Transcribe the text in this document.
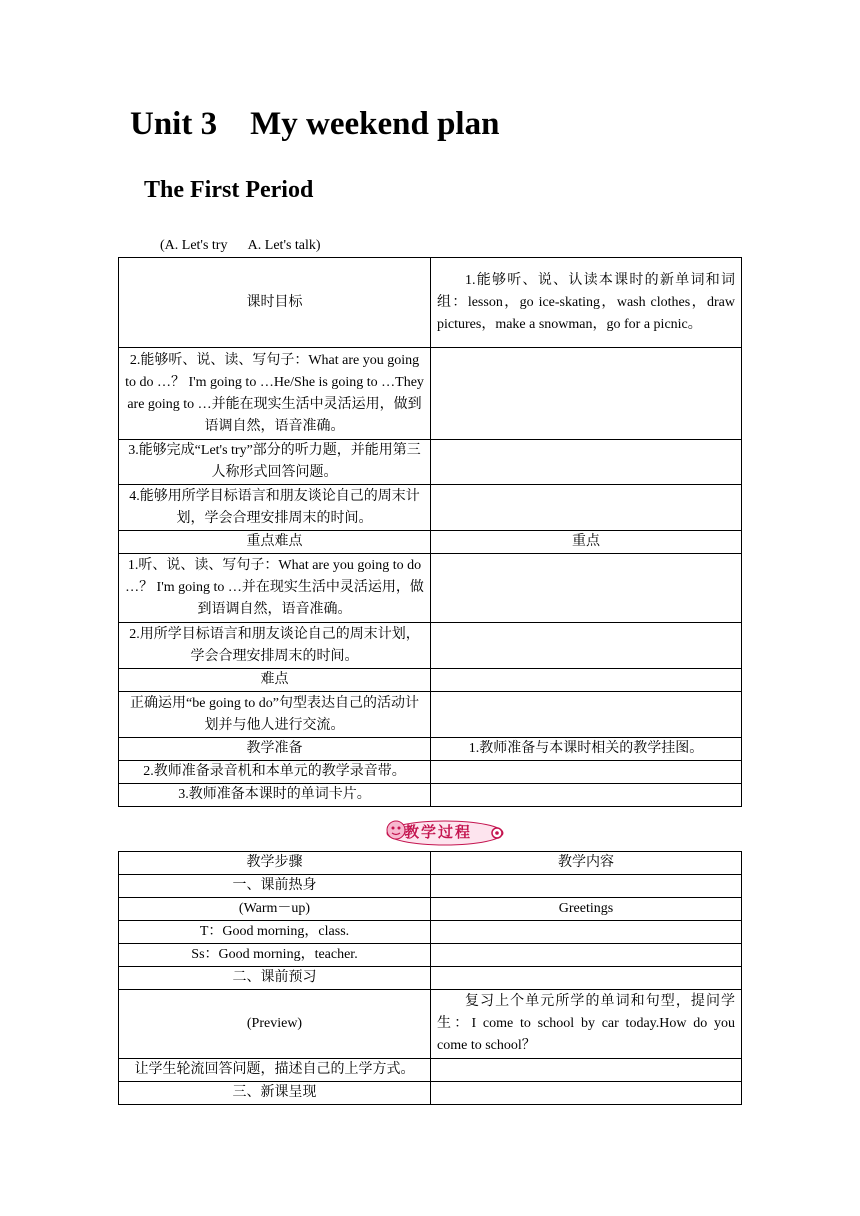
Unit 3    My weekend plan
The First Period
(A. Let's try      A. Let's talk)
课时目标	1.能够听、说、认读本课时的新单词和词组：lesson，go ice-skating，wash clothes，draw pictures，make a snowman，go for a picnic。
2.能够听、说、读、写句子：What are you going to do …？ I'm going to …He/She is going to …They are going to …并能在现实生活中灵活运用，做到语调自然，语音准确。	
3.能够完成“Let's try”部分的听力题，并能用第三人称形式回答问题。	
4.能够用所学目标语言和朋友谈论自己的周末计划，学会合理安排周末的时间。	
重点难点	重点
1.听、说、读、写句子：What are you going to do …？ I'm going to …并在现实生活中灵活运用，做到语调自然，语音准确。	
2.用所学目标语言和朋友谈论自己的周末计划，学会合理安排周末的时间。	
难点	
正确运用“be going to do”句型表达自己的活动计划并与他人进行交流。	
教学准备	1.教师准备与本课时相关的教学挂图。
2.教师准备录音机和本单元的教学录音带。	
3.教师准备本课时的单词卡片。	
教学过程
教学步骤	教学内容
一、课前热身	
(Warm－up)	Greetings
T：Good morning，class.	
Ss：Good morning，teacher.	
二、课前预习	
(Preview)	复习上个单元所学的单词和句型，提问学生：I come to school by car today.How do you come to school？
让学生轮流回答问题，描述自己的上学方式。	
三、新课呈现	
